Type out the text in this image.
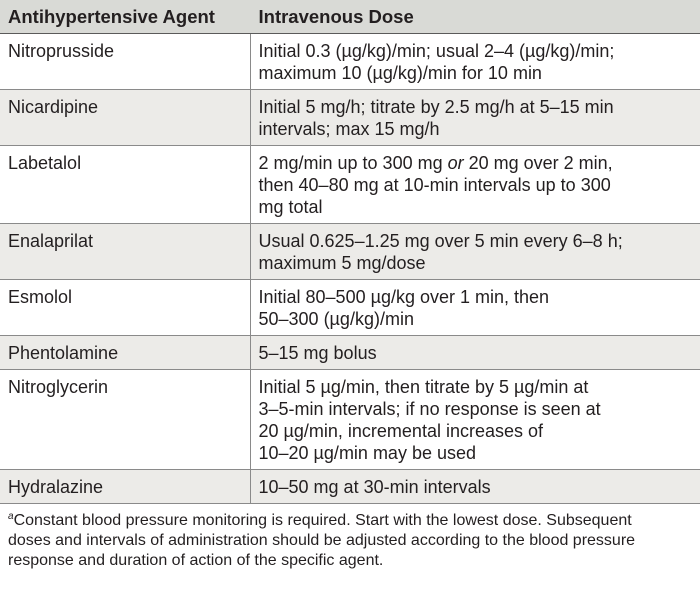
Antihypertensive Agent	Intravenous Dose
Nitroprusside	Initial 0.3 (µg/kg)/min; usual 2–4 (µg/kg)/min;
maximum 10 (µg/kg)/min for 10 min
Nicardipine	Initial 5 mg/h; titrate by 2.5 mg/h at 5–15 min
intervals; max 15 mg/h
Labetalol	2 mg/min up to 300 mg or 20 mg over 2 min,
then 40–80 mg at 10-min intervals up to 300
mg total
Enalaprilat	Usual 0.625–1.25 mg over 5 min every 6–8 h;
maximum 5 mg/dose
Esmolol	Initial 80–500 µg/kg over 1 min, then
50–300 (µg/kg)/min
Phentolamine	5–15 mg bolus
Nitroglycerin	Initial 5 µg/min, then titrate by 5 µg/min at
3–5-min intervals; if no response is seen at
20 µg/min, incremental increases of
10–20 µg/min may be used
Hydralazine	10–50 mg at 30-min intervals
$^a$Constant blood pressure monitoring is required. Start with the lowest dose. Subsequent
doses and intervals of administration should be adjusted according to the blood pressure
response and duration of action of the specific agent.
